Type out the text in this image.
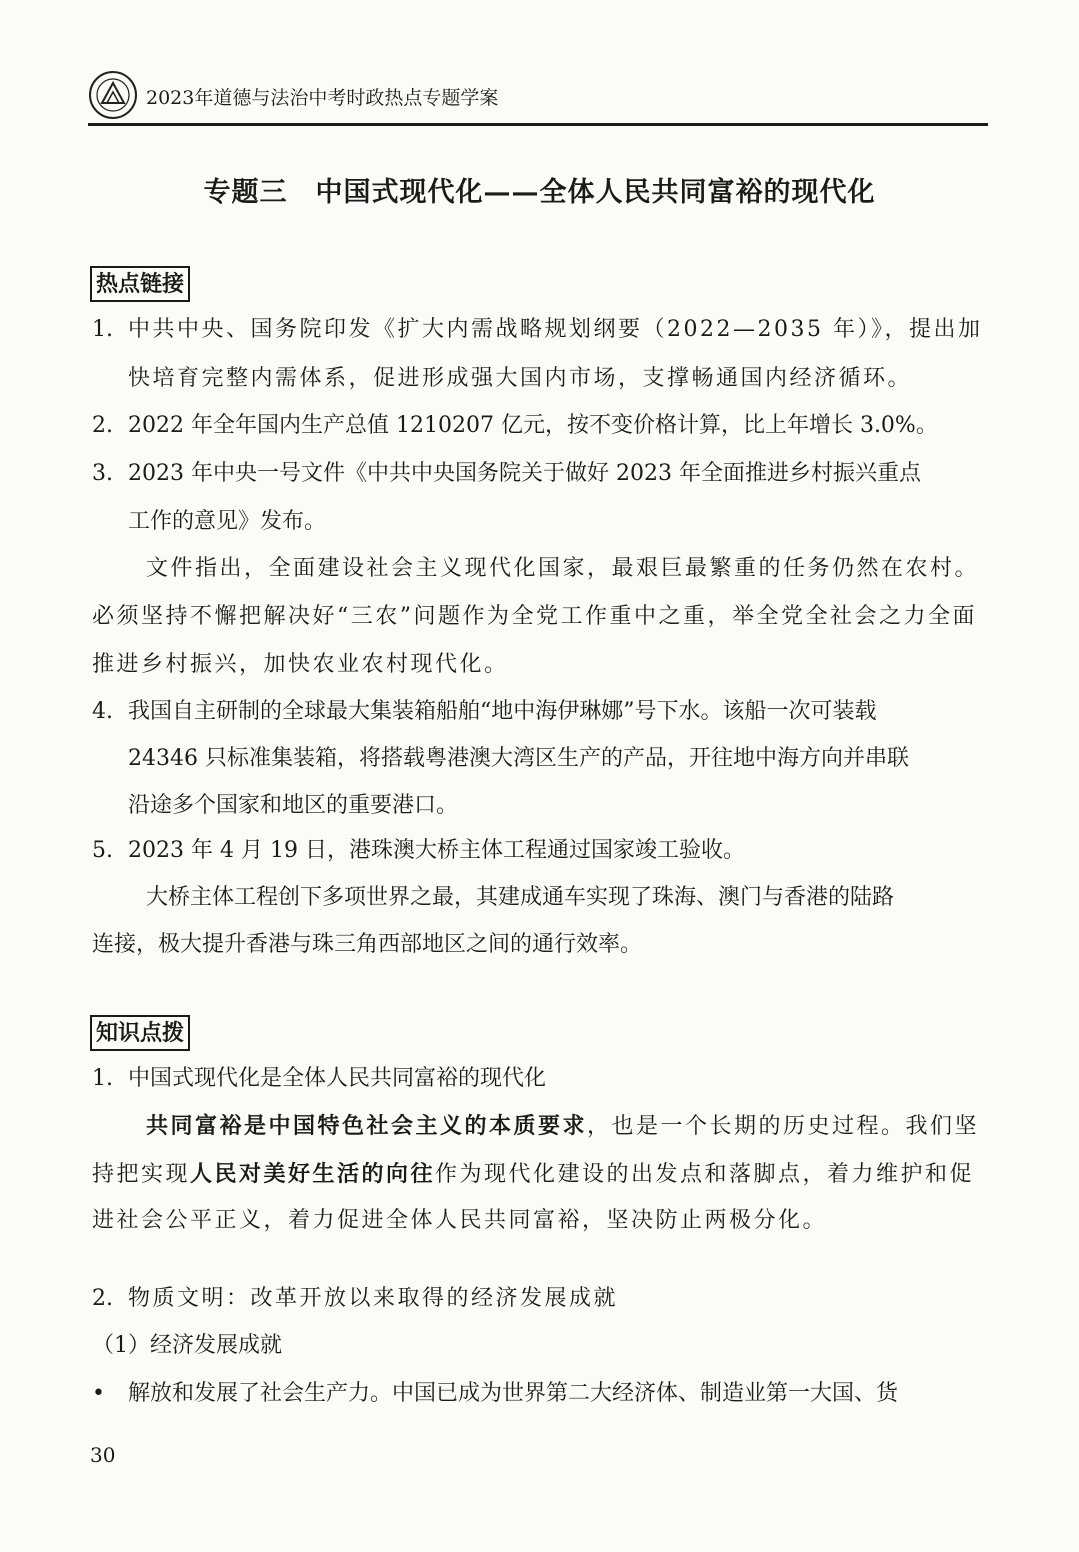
2023年道德与法治中考时政热点专题学案
专题三　中国式现代化——全体人民共同富裕的现代化
热点链接
1. 中共中央、国务院印发《扩大内需战略规划纲要（2022—2035 年）》，提出加
快培育完整内需体系，促进形成强大国内市场，支撑畅通国内经济循环。
2. 2022 年全年国内生产总值 1210207 亿元，按不变价格计算，比上年增长 3.0%。
3. 2023 年中央一号文件《中共中央国务院关于做好 2023 年全面推进乡村振兴重点
工作的意见》发布。
文件指出，全面建设社会主义现代化国家，最艰巨最繁重的任务仍然在农村。
必须坚持不懈把解决好“三农”问题作为全党工作重中之重，举全党全社会之力全面
推进乡村振兴，加快农业农村现代化。
4. 我国自主研制的全球最大集装箱船舶“地中海伊琳娜”号下水。该船一次可装载
24346 只标准集装箱，将搭载粤港澳大湾区生产的产品，开往地中海方向并串联
沿途多个国家和地区的重要港口。
5. 2023 年 4 月 19 日，港珠澳大桥主体工程通过国家竣工验收。
大桥主体工程创下多项世界之最，其建成通车实现了珠海、澳门与香港的陆路
连接，极大提升香港与珠三角西部地区之间的通行效率。
知识点拨
1. 中国式现代化是全体人民共同富裕的现代化
共同富裕是中国特色社会主义的本质要求，也是一个长期的历史过程。我们坚
持把实现人民对美好生活的向往作为现代化建设的出发点和落脚点，着力维护和促
进社会公平正义，着力促进全体人民共同富裕，坚决防止两极分化。
2. 物质文明：改革开放以来取得的经济发展成就
（1）经济发展成就
• 解放和发展了社会生产力。中国已成为世界第二大经济体、制造业第一大国、货
30
